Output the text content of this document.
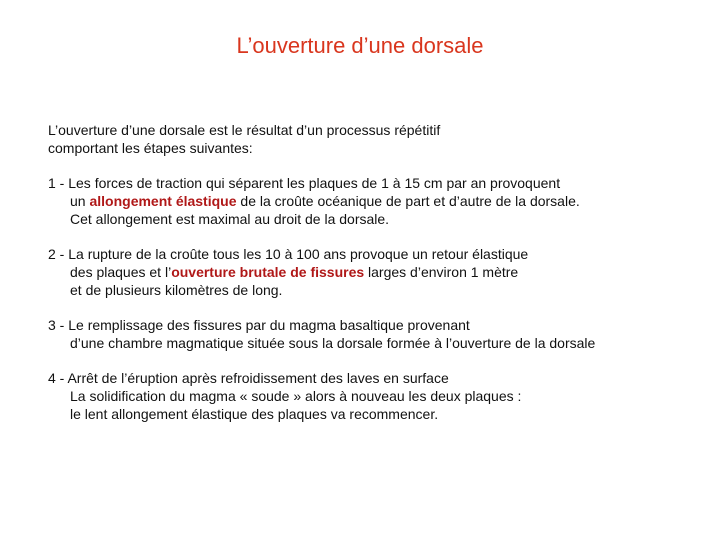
L’ouverture d’une dorsale
L’ouverture d’une dorsale est le résultat d’un processus répétitif
comportant les étapes suivantes:
1 - Les forces de traction qui séparent les plaques de 1 à 15 cm par an provoquent
un allongement élastique de la croûte océanique de part et d’autre de la dorsale.
Cet allongement est maximal au droit de la dorsale.
2 - La rupture de la croûte tous les 10 à 100 ans provoque un retour élastique
des plaques et l’ouverture brutale de fissures larges d’environ 1 mètre
et de plusieurs kilomètres de long.
3 - Le remplissage des fissures par du magma basaltique provenant
d’une chambre magmatique située sous la dorsale formée à l’ouverture de la dorsale
4 - Arrêt de l’éruption après refroidissement des laves en surface
La solidification du magma « soude » alors à nouveau les deux plaques :
le lent allongement élastique des plaques va recommencer.
